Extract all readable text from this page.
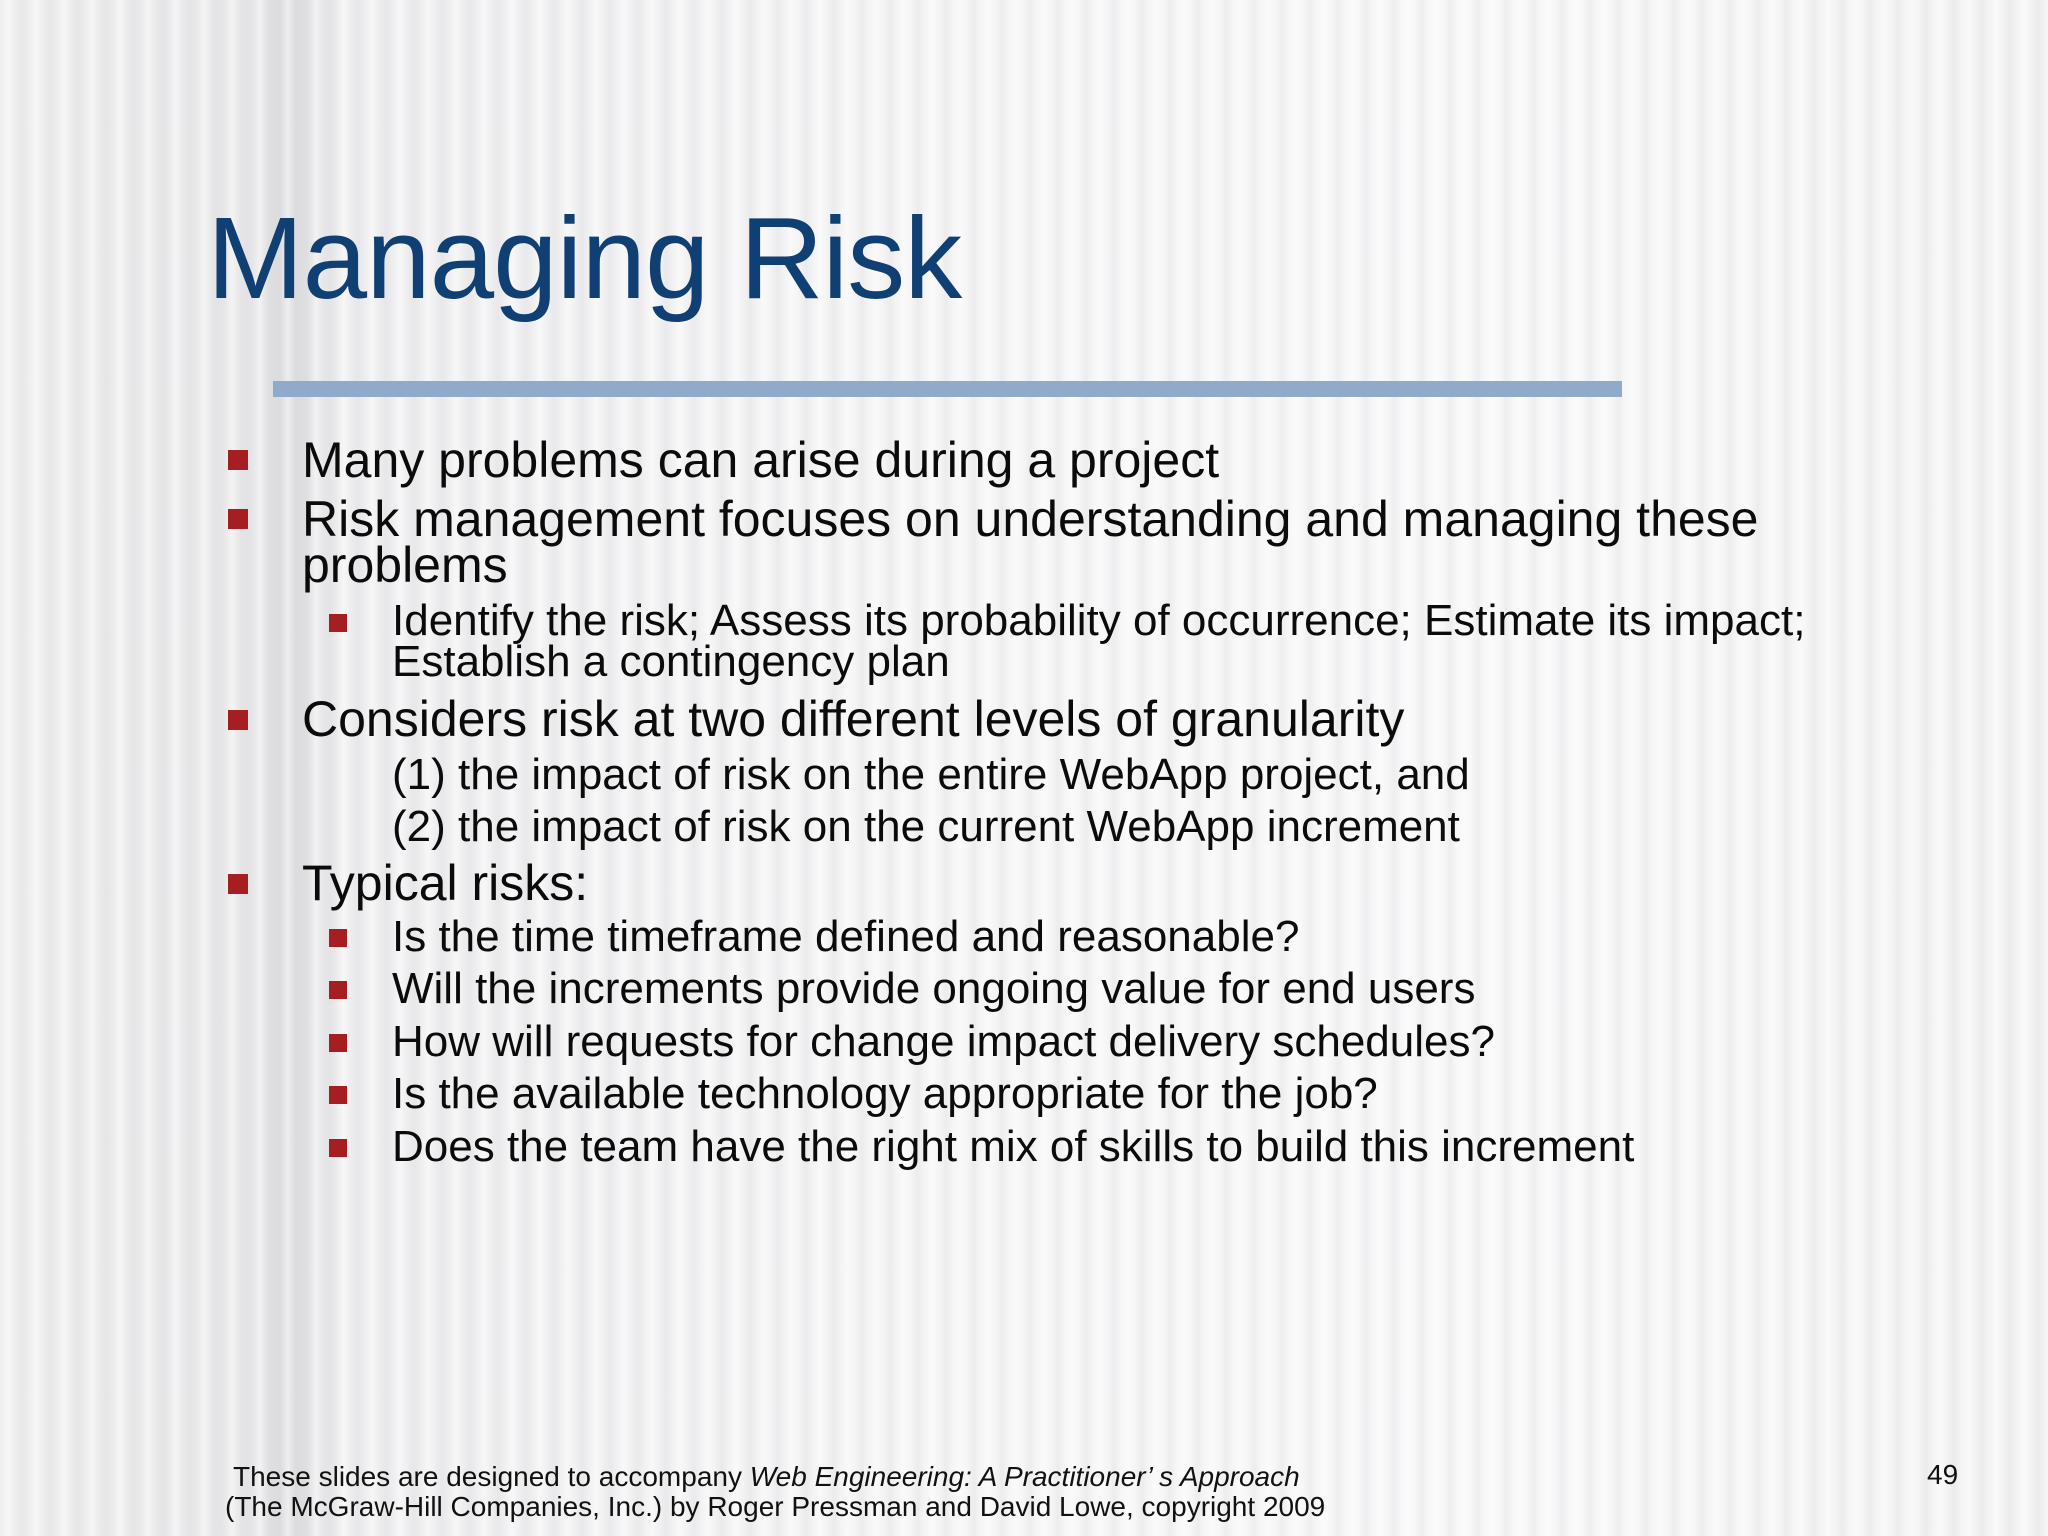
Managing Risk
Many problems can arise during a project
Risk management focuses on understanding and managing these
problems
Identify the risk; Assess its probability of occurrence; Estimate its impact;
Establish a contingency plan
Considers risk at two different levels of granularity
(1) the impact of risk on the entire WebApp project, and
(2) the impact of risk on the current WebApp increment
Typical risks:
Is the time timeframe defined and reasonable?
Will the increments provide ongoing value for end users
How will requests for change impact delivery schedules?
Is the available technology appropriate for the job?
Does the team have the right mix of skills to build this increment
These slides are designed to accompany Web Engineering: A Practitioner’ s Approach
(The McGraw-Hill Companies, Inc.) by Roger Pressman and David Lowe, copyright 2009
49
